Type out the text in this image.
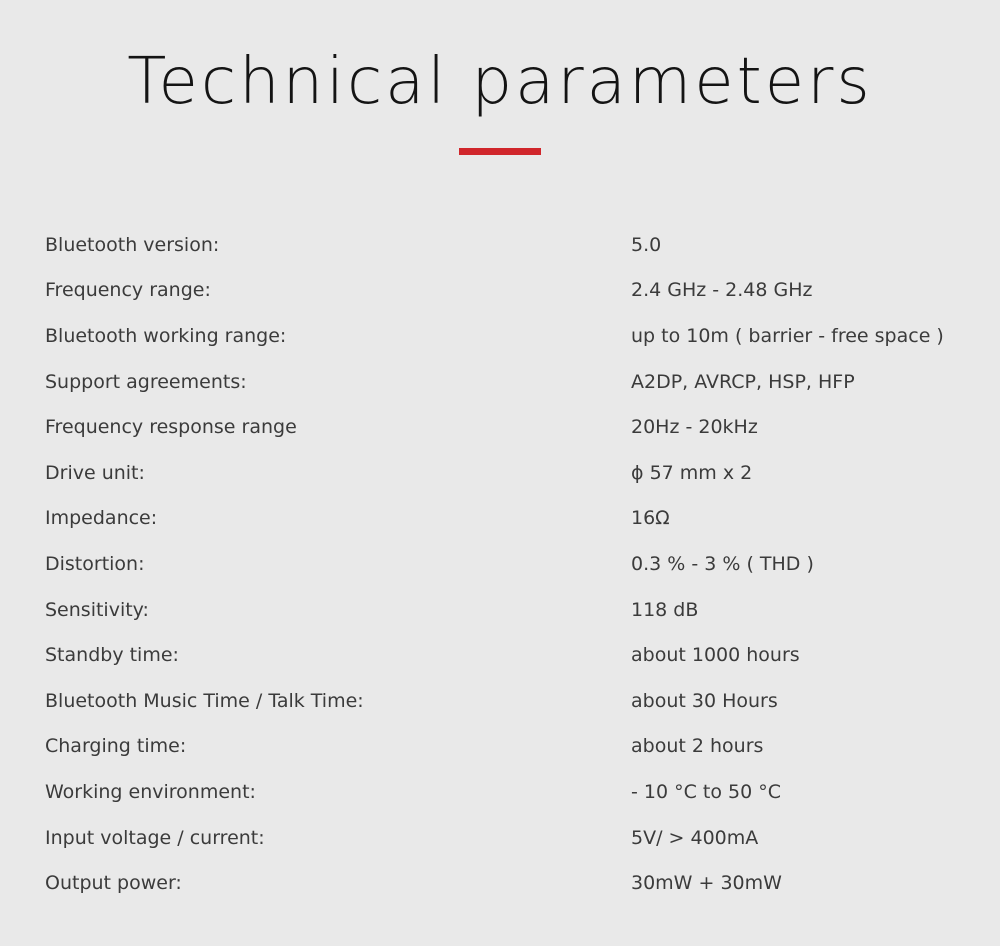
Technical parameters
Bluetooth version:	5.0
Frequency range:	2.4 GHz - 2.48 GHz
Bluetooth working range:	up to 10m ( barrier - free space )
Support agreements:	A2DP, AVRCP, HSP, HFP
Frequency response range	20Hz - 20kHz
Drive unit:	ϕ 57 mm x 2
Impedance:	16Ω
Distortion:	0.3 % - 3 % ( THD )
Sensitivity:	118 dB
Standby time:	about 1000 hours
Bluetooth Music Time / Talk Time:	about 30 Hours
Charging time:	about 2 hours
Working environment:	- 10 °C to 50 °C
Input voltage / current:	5V/ > 400mA
Output power:	30mW + 30mW
